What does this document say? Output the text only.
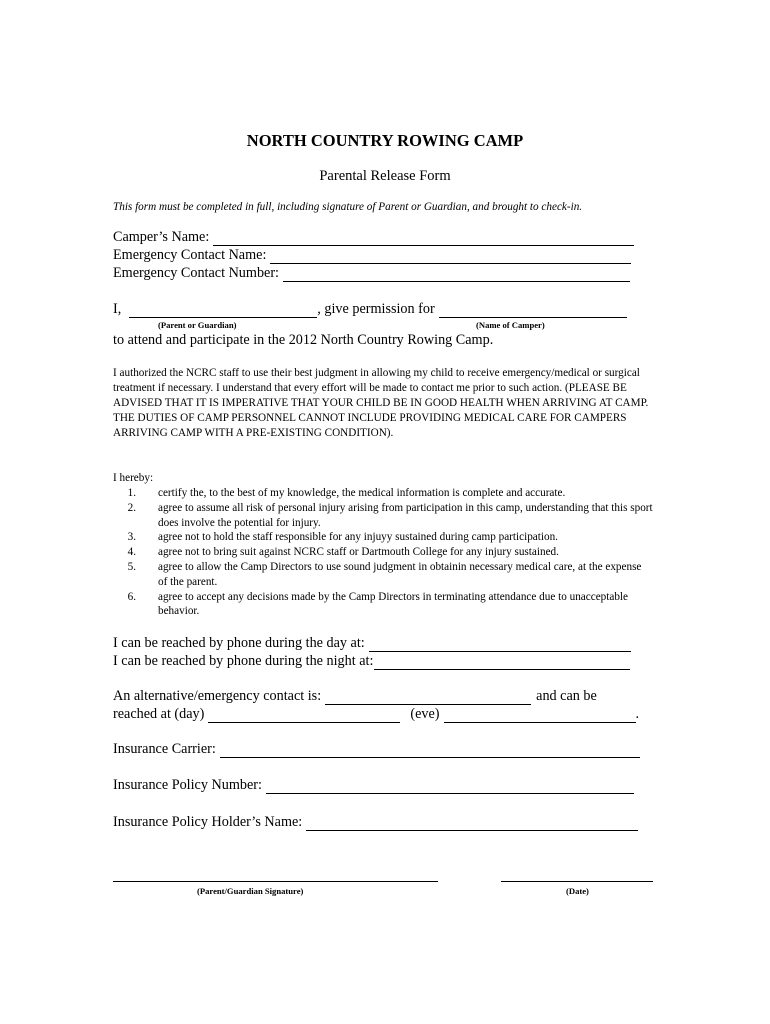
NORTH COUNTRY ROWING CAMP
Parental Release Form
This form must be completed in full, including signature of Parent or Guardian, and brought to check-in.
Camper’s Name:
Emergency Contact Name:
Emergency Contact Number:
I,	, give permission for
(Parent or Guardian)	(Name of Camper)
to attend and participate in the 2012 North Country Rowing Camp.
I authorized the NCRC staff to use their best judgment in allowing my child to receive emergency/medical or surgical treatment if necessary. I understand that every effort will be made to contact me prior to such action. (PLEASE BE ADVISED THAT IT IS IMPERATIVE THAT YOUR CHILD BE IN GOOD HEALTH WHEN ARRIVING AT CAMP. THE DUTIES OF CAMP PERSONNEL CANNOT INCLUDE PROVIDING MEDICAL CARE FOR CAMPERS ARRIVING CAMP WITH A PRE-EXISTING CONDITION).
I hereby:
1.	certify the, to the best of my knowledge, the medical information is complete and accurate.
2.	agree to assume all risk of personal injury arising from participation in this camp, understanding that this sport does involve the potential for injury.
3.	agree not to hold the staff responsible for any injuyy sustained during camp participation.
4.	agree not to bring suit against NCRC staff or Dartmouth College for any injury sustained.
5.	agree to allow the Camp Directors to use sound judgment in obtainin necessary medical care, at the expense of the parent.
6.	agree to accept any decisions made by the Camp Directors in terminating attendance due to unacceptable behavior.
I can be reached by phone during the day at:
I can be reached by phone during the night at:
An alternative/emergency contact is:	and can be
reached at (day)	(eve)	.
Insurance Carrier:
Insurance Policy Number:
Insurance Policy Holder’s Name:
(Parent/Guardian Signature)	(Date)
